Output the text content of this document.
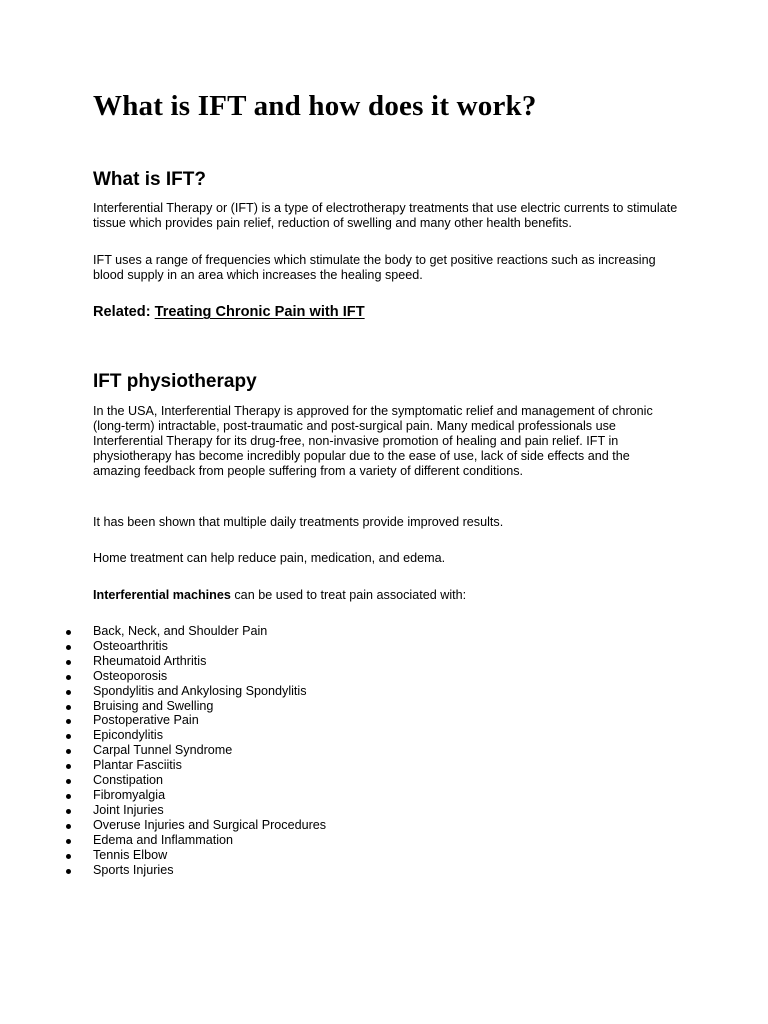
What is IFT and how does it work?
What is IFT?

Interferential Therapy or (IFT) is a type of electrotherapy treatments that use electric currents to stimulate tissue which provides pain relief, reduction of swelling and many other health benefits.

IFT uses a range of frequencies which stimulate the body to get positive reactions such as increasing blood supply in an area which increases the healing speed.

Related: Treating Chronic Pain with IFT

IFT physiotherapy

In the USA, Interferential Therapy is approved for the symptomatic relief and management of chronic (long-term) intractable, post-traumatic and post-surgical pain. Many medical professionals use Interferential Therapy for its drug-free, non-invasive promotion of healing and pain relief. IFT in physiotherapy has become incredibly popular due to the ease of use, lack of side effects and the amazing feedback from people suffering from a variety of different conditions.

It has been shown that multiple daily treatments provide improved results.

Home treatment can help reduce pain, medication, and edema.

Interferential machines can be used to treat pain associated with:

Back, Neck, and Shoulder Pain
Osteoarthritis
Rheumatoid Arthritis
Osteoporosis
Spondylitis and Ankylosing Spondylitis
Bruising and Swelling
Postoperative Pain
Epicondylitis
Carpal Tunnel Syndrome
Plantar Fasciitis
Constipation
Fibromyalgia
Joint Injuries
Overuse Injuries and Surgical Procedures
Edema and Inflammation
Tennis Elbow
Sports Injuries
